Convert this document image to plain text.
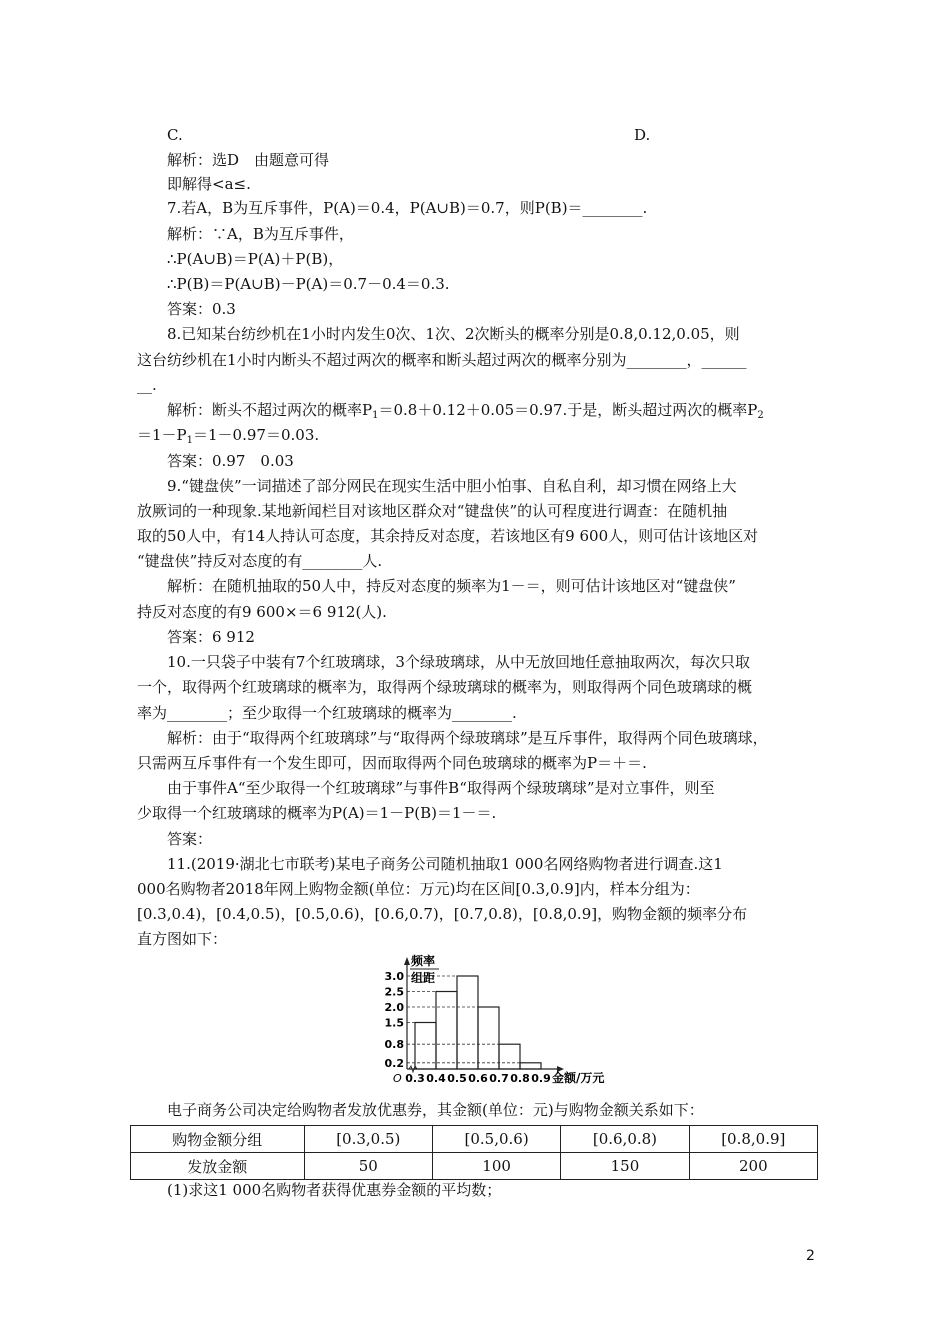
C.	D.
解析：选D　由题意可得
即解得<a≤.
7.若A，B为互斥事件，P(A)＝0.4，P(A∪B)＝0.7，则P(B)＝________.
解析：∵A，B为互斥事件，
∴P(A∪B)＝P(A)＋P(B)，
∴P(B)＝P(A∪B)－P(A)＝0.7－0.4＝0.3.
答案：0.3
8.已知某台纺纱机在1小时内发生0次、1次、2次断头的概率分别是0.8,0.12,0.05，则
这台纺纱机在1小时内断头不超过两次的概率和断头超过两次的概率分别为________，______
__.
解析：断头不超过两次的概率$P_1=0.8+0.12+0.05=0.97$.于是，断头超过两次的概率$P_2$
$=1-P_1=1-0.97=0.03$.
答案：0.97　0.03
9.“键盘侠”一词描述了部分网民在现实生活中胆小怕事、自私自利，却习惯在网络上大
放厥词的一种现象.某地新闻栏目对该地区群众对“键盘侠”的认可程度进行调查：在随机抽
取的50人中，有14人持认可态度，其余持反对态度，若该地区有9 600人，则可估计该地区对
“键盘侠”持反对态度的有________人.
解析：在随机抽取的50人中，持反对态度的频率为1－＝，则可估计该地区对“键盘侠”
持反对态度的有9 600×＝6 912(人).
答案：6 912
10.一只袋子中装有7个红玻璃球，3个绿玻璃球，从中无放回地任意抽取两次，每次只取
一个，取得两个红玻璃球的概率为，取得两个绿玻璃球的概率为，则取得两个同色玻璃球的概
率为________；至少取得一个红玻璃球的概率为________.
解析：由于“取得两个红玻璃球”与“取得两个绿玻璃球”是互斥事件，取得两个同色玻璃球，
只需两互斥事件有一个发生即可，因而取得两个同色玻璃球的概率为P＝＋＝.
由于事件A“至少取得一个红玻璃球”与事件B“取得两个绿玻璃球”是对立事件，则至
少取得一个红玻璃球的概率为P(A)＝1－P(B)＝1－＝.
答案：
11.(2019·湖北七市联考)某电子商务公司随机抽取1 000名网络购物者进行调查.这1
000名购物者2018年网上购物金额(单位：万元)均在区间[0.3,0.9]内，样本分组为：
[0.3,0.4)，[0.4,0.5)，[0.5,0.6)，[0.6,0.7)，[0.7,0.8)，[0.8,0.9]，购物金额的频率分布
直方图如下：
0.2
0.8
1.5
2.0
2.5
3.0
0.3 0.4 0.5 0.6 0.7 0.8 0.9
O	金额/万元
频率
组距
电子商务公司决定给购物者发放优惠券，其金额(单位：元)与购物金额关系如下：
购物金额分组	[0.3,0.5)	[0.5,0.6)	[0.6,0.8)	[0.8,0.9]
发放金额	50	100	150	200
(1)求这1 000名购物者获得优惠券金额的平均数；
2
